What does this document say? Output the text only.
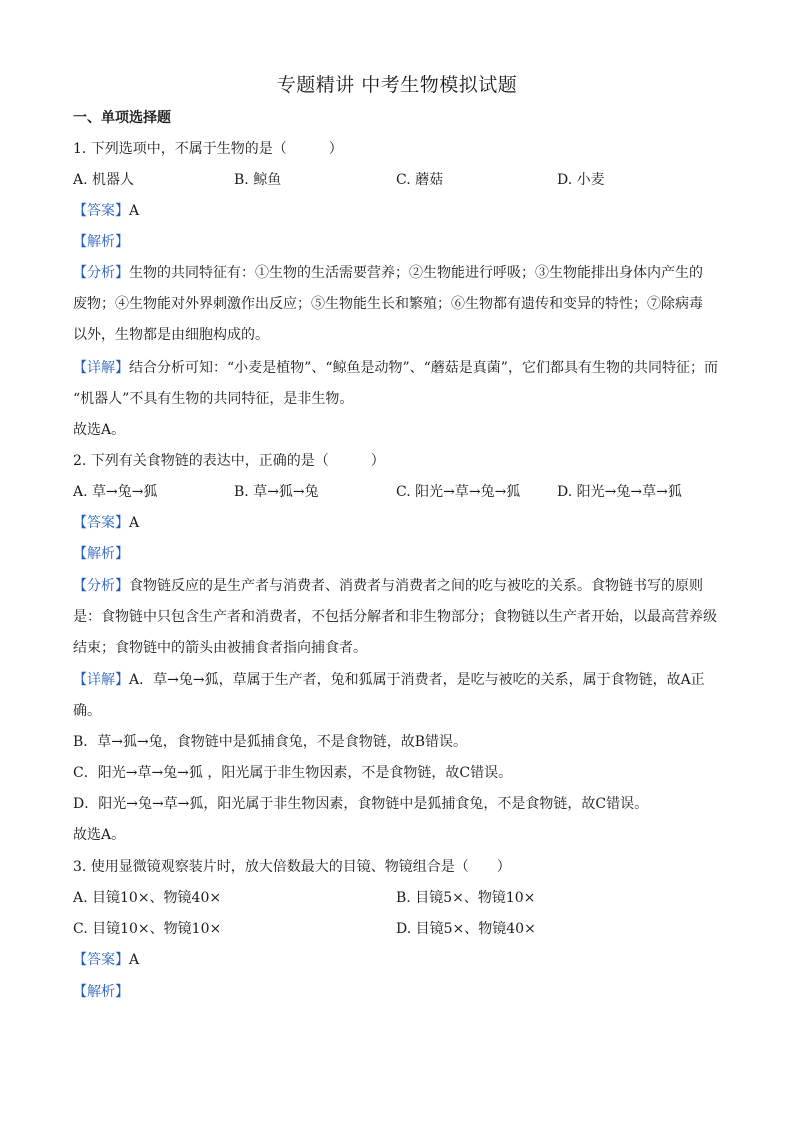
专题精讲 中考生物模拟试题
一、单项选择题
1. 下列选项中，不属于生物的是（　　　）
A. 机器人	B. 鲸鱼	C. 蘑菇	D. 小麦
【答案】A
【解析】
【分析】生物的共同特征有：①生物的生活需要营养；②生物能进行呼吸；③生物能排出身体内产生的
废物；④生物能对外界刺激作出反应；⑤生物能生长和繁殖；⑥生物都有遗传和变异的特性；⑦除病毒
以外，生物都是由细胞构成的。
【详解】结合分析可知：“小麦是植物”、“鲸鱼是动物”、“蘑菇是真菌”，它们都具有生物的共同特征；而
“机器人”不具有生物的共同特征，是非生物。
故选A。
2. 下列有关食物链的表达中，正确的是（　　　）
A. 草→兔→狐	B. 草→狐→兔	C. 阳光→草→兔→狐	D. 阳光→兔→草→狐
【答案】A
【解析】
【分析】食物链反应的是生产者与消费者、消费者与消费者之间的吃与被吃的关系。食物链书写的原则
是：食物链中只包含生产者和消费者，不包括分解者和非生物部分；食物链以生产者开始，以最高营养级
结束；食物链中的箭头由被捕食者指向捕食者。
【详解】A．草→兔→狐，草属于生产者，兔和狐属于消费者，是吃与被吃的关系，属于食物链，故A正
确。
B．草→狐→兔，食物链中是狐捕食兔，不是食物链，故B错误。
C．阳光→草→兔→狐 ，阳光属于非生物因素，不是食物链，故C错误。
D．阳光→兔→草→狐，阳光属于非生物因素，食物链中是狐捕食兔，不是食物链，故C错误。
故选A。
3. 使用显微镜观察装片时，放大倍数最大的目镜、物镜组合是（　　）
A. 目镜10×、物镜40×	B. 目镜5×、物镜10×
C. 目镜10×、物镜10×	D. 目镜5×、物镜40×
【答案】A
【解析】
